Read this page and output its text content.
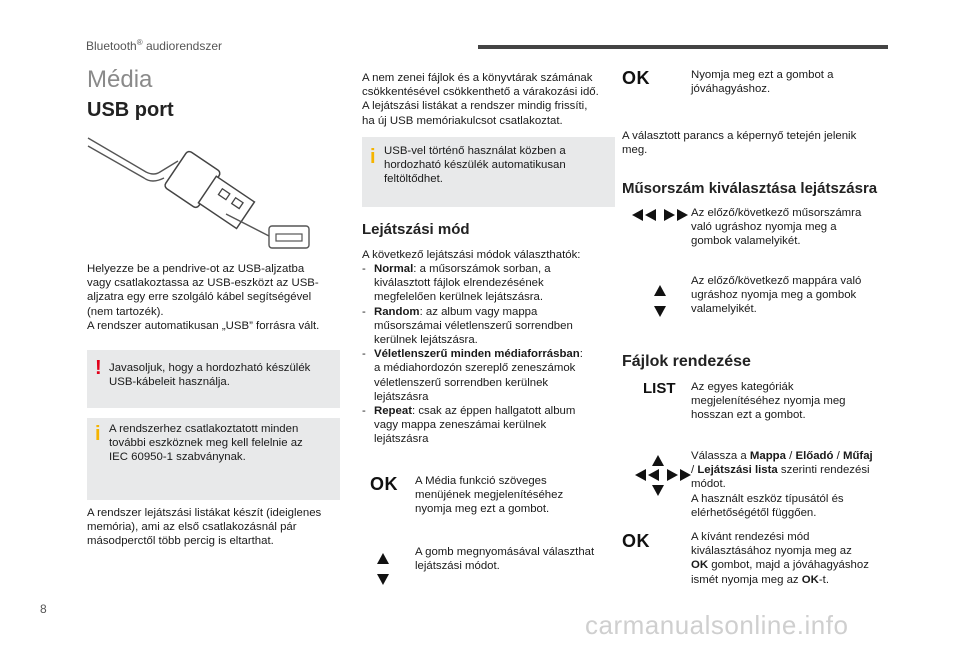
Bluetooth® audiorendszer
Média
USB port
Helyezze be a pendrive-ot az USB-aljzatba
vagy csatlakoztassa az USB-eszközt az USB-
aljzatra egy erre szolgáló kábel segítségével
(nem tartozék).
A rendszer automatikusan „USB” forrásra vált.
! Javasoljuk, hogy a hordozható készülék
USB-kábeleit használja.
i A rendszerhez csatlakoztatott minden
további eszköznek meg kell felelnie az
IEC 60950-1 szabványnak.
A rendszer lejátszási listákat készít (ideiglenes
memória), ami az első csatlakozásnál pár
másodperctől több percig is eltarthat.
A nem zenei fájlok és a könyvtárak számának
csökkentésével csökkenthető a várakozási idő.
A lejátszási listákat a rendszer mindig frissíti,
ha új USB memóriakulcsot csatlakoztat.
i USB-vel történő használat közben a
hordozható készülék automatikusan
feltöltődhet.
Lejátszási mód
A következő lejátszási módok választhatók:
- Normal: a műsorszámok sorban, a
kiválasztott fájlok elrendezésének
megfelelően kerülnek lejátszásra.
- Random: az album vagy mappa
műsorszámai véletlenszerű sorrendben
kerülnek lejátszásra.
- Véletlenszerű minden médiaforrásban:
a médiahordozón szereplő zeneszámok
véletlenszerű sorrendben kerülnek
lejátszásra
- Repeat: csak az éppen hallgatott album
vagy mappa zeneszámai kerülnek
lejátszásra
OK A Média funkció szöveges
menüjének megjelenítéséhez
nyomja meg ezt a gombot.
A gomb megnyomásával választhat
lejátszási módot.
OK	Nyomja meg ezt a gombot a
jóváhagyáshoz.
A választott parancs a képernyő tetején jelenik
meg.
Műsorszám kiválasztása lejátszásra
Az előző/következő műsorszámra
való ugráshoz nyomja meg a
gombok valamelyikét.
Az előző/következő mappára való
ugráshoz nyomja meg a gombok
valamelyikét.
Fájlok rendezése
LIST Az egyes kategóriák
megjelenítéséhez nyomja meg
hosszan ezt a gombot.
Válassza a Mappa / Előadó / Műfaj
/ Lejátszási lista szerinti rendezési
módot.
A használt eszköz típusától és
elérhetőségétől függően.
OK	A kívánt rendezési mód
kiválasztásához nyomja meg az
OK gombot, majd a jóváhagyáshoz
ismét nyomja meg az OK-t.
8
carmanualsonline.info
